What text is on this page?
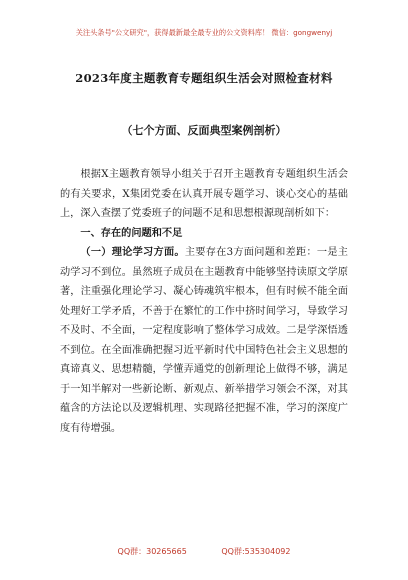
关注头条号"公文研究"，获得最新最全最专业的公文资料库！ 微信：gongwenyj
2023年度主题教育专题组织生活会对照检查材料
（七个方面、反面典型案例剖析）

根据X主题教育领导小组关于召开主题教育专题组织生活会的有关要求，X集团党委在认真开展专题学习、谈心交心的基础上，深入查摆了党委班子的问题不足和思想根源现剖析如下：

一、存在的问题和不足

（一）理论学习方面。主要存在3方面问题和差距：一是主动学习不到位。虽然班子成员在主题教育中能够坚持读原文学原著，注重强化理论学习、凝心铸魂筑牢根本，但有时候不能全面处理好工学矛盾，不善于在繁忙的工作中挤时间学习，导致学习不及时、不全面，一定程度影响了整体学习成效。二是学深悟透不到位。在全面准确把握习近平新时代中国特色社会主义思想的真谛真义、思想精髓，学懂弄通党的创新理论上做得不够，满足于一知半解对一些新论断、新观点、新举措学习领会不深，对其蕴含的方法论以及逻辑机理、实现路径把握不准，学习的深度广度有待增强。

QQ群：30265665	QQ群:535304092
